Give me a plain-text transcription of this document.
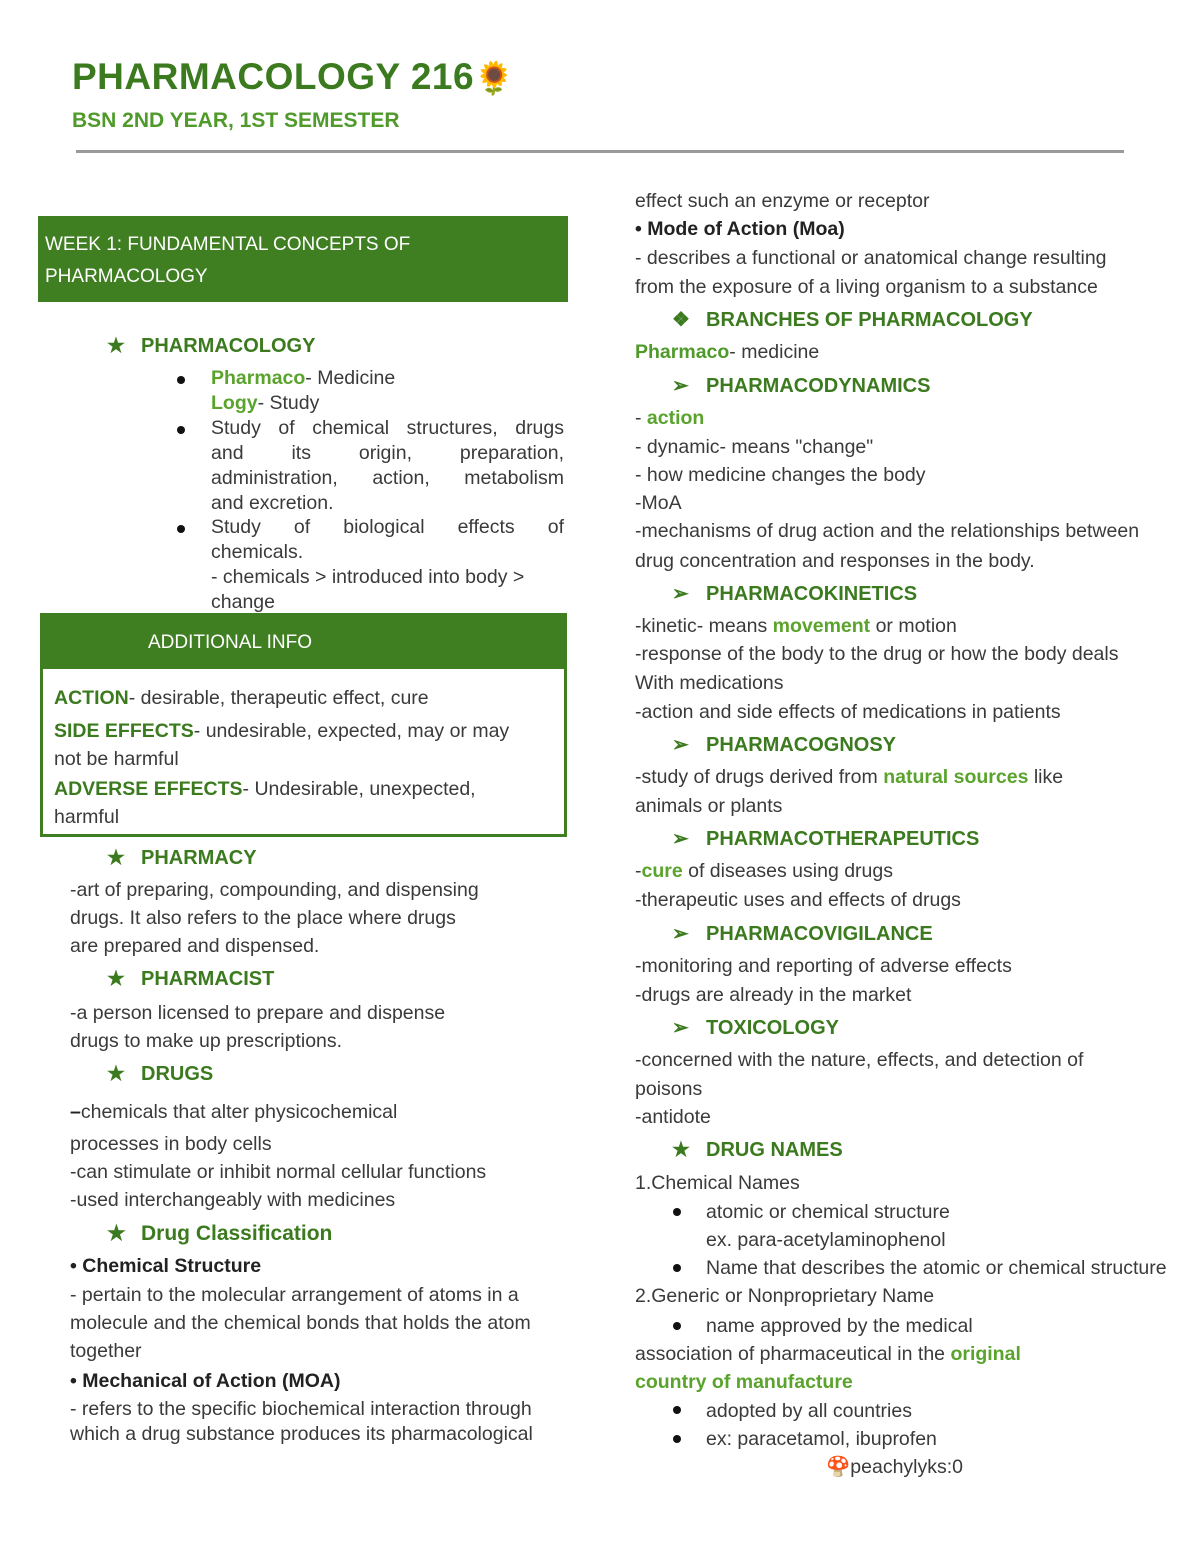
PHARMACOLOGY 216🌻
BSN 2ND YEAR, 1ST SEMESTER
WEEK 1: FUNDAMENTAL CONCEPTS OF
PHARMACOLOGY
★ PHARMACOLOGY
Pharmaco- Medicine
Logy- Study
Study of chemical structures, drugs
and its origin, preparation,
administration, action, metabolism
and excretion.
Study of biological effects of
chemicals.
- chemicals > introduced into body >
change
ADDITIONAL INFO
ACTION- desirable, therapeutic effect, cure
SIDE EFFECTS- undesirable, expected, may or may
not be harmful
ADVERSE EFFECTS- Undesirable, unexpected,
harmful
★ PHARMACY
-art of preparing, compounding, and dispensing
drugs. It also refers to the place where drugs
are prepared and dispensed.
★ PHARMACIST
-a person licensed to prepare and dispense
drugs to make up prescriptions.
★ DRUGS
–chemicals that alter physicochemical
processes in body cells
-can stimulate or inhibit normal cellular functions
-used interchangeably with medicines
★ Drug Classification
• Chemical Structure
- pertain to the molecular arrangement of atoms in a
molecule and the chemical bonds that holds the atom
together
• Mechanical of Action (MOA)
- refers to the specific biochemical interaction through
which a drug substance produces its pharmacological
effect such an enzyme or receptor
• Mode of Action (Moa)
- describes a functional or anatomical change resulting
from the exposure of a living organism to a substance
❖ BRANCHES OF PHARMACOLOGY
Pharmaco- medicine
➢ PHARMACODYNAMICS
- action
- dynamic- means "change"
- how medicine changes the body
-MoA
-mechanisms of drug action and the relationships between
drug concentration and responses in the body.
➢ PHARMACOKINETICS
-kinetic- means movement or motion
-response of the body to the drug or how the body deals
With medications
-action and side effects of medications in patients
➢ PHARMACOGNOSY
-study of drugs derived from natural sources like
animals or plants
➢ PHARMACOTHERAPEUTICS
-cure of diseases using drugs
-therapeutic uses and effects of drugs
➢ PHARMACOVIGILANCE
-monitoring and reporting of adverse effects
-drugs are already in the market
➢ TOXICOLOGY
-concerned with the nature, effects, and detection of
poisons
-antidote
★ DRUG NAMES
1.Chemical Names
atomic or chemical structure
ex. para-acetylaminophenol
Name that describes the atomic or chemical structure
2.Generic or Nonproprietary Name
name approved by the medical
association of pharmaceutical in the original
country of manufacture
adopted by all countries
ex: paracetamol, ibuprofen
🍄peachylyks:0
